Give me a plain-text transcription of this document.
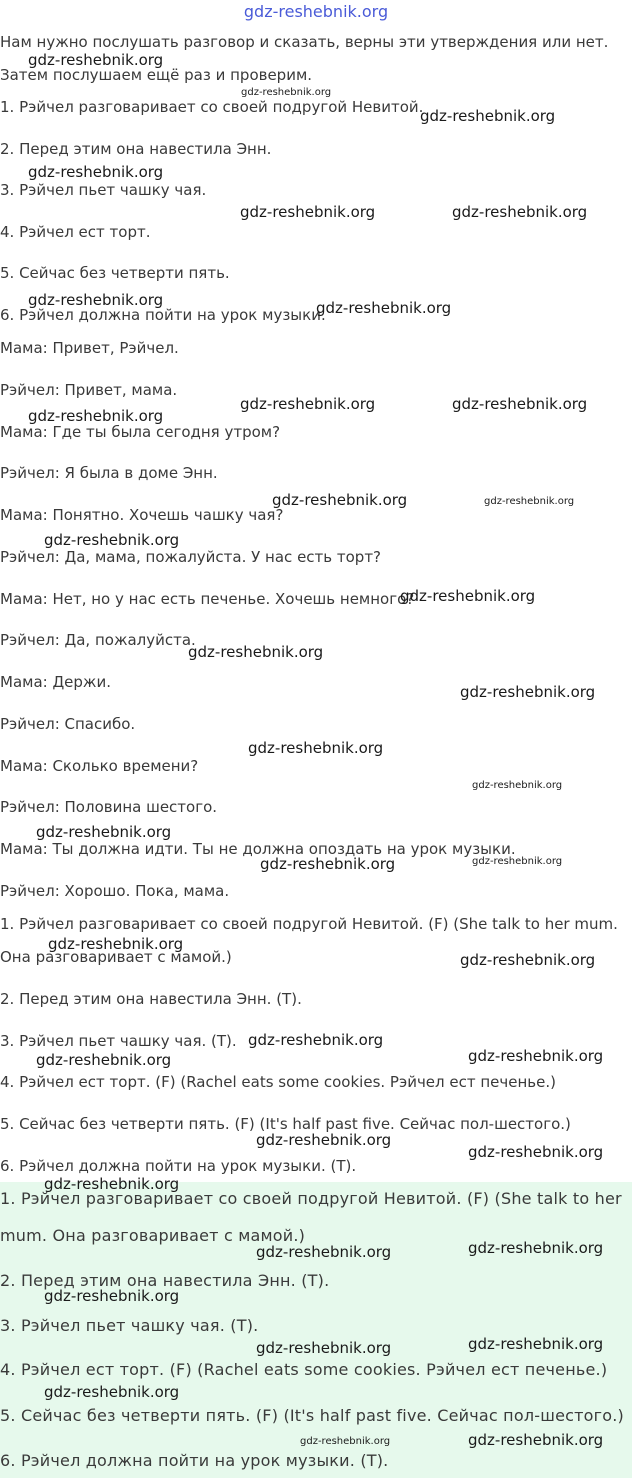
gdz-reshebnik.org
Нам нужно послушать разговор и сказать, верны эти утверждения или нет.
Затем послушаем ещё раз и проверим.
1. Рэйчел разговаривает со своей подругой Невитой.
2. Перед этим она навестила Энн.
3. Рэйчел пьет чашку чая.
4. Рэйчел ест торт.
5. Сейчас без четверти пять.
6. Рэйчел должна пойти на урок музыки.
Мама: Привет, Рэйчел.
Рэйчел: Привет, мама.
Мама: Где ты была сегодня утром?
Рэйчел: Я была в доме Энн.
Мама: Понятно. Хочешь чашку чая?
Рэйчел: Да, мама, пожалуйста. У нас есть торт?
Мама: Нет, но у нас есть печенье. Хочешь немного?
Рэйчел: Да, пожалуйста.
Мама: Держи.
Рэйчел: Спасибо.
Мама: Сколько времени?
Рэйчел: Половина шестого.
Мама: Ты должна идти. Ты не должна опоздать на урок музыки.
Рэйчел: Хорошо. Пока, мама.
1. Рэйчел разговаривает со своей подругой Невитой. (F) (She talk to her mum.
Она разговаривает с мамой.)
2. Перед этим она навестила Энн. (T).
3. Рэйчел пьет чашку чая. (T).
4. Рэйчел ест торт. (F) (Rachel eats some cookies. Рэйчел ест печенье.)
5. Сейчас без четверти пять. (F) (It's half past five. Сейчас пол-шестого.)
6. Рэйчел должна пойти на урок музыки. (T).
1. Рэйчел разговаривает со своей подругой Невитой. (F) (She talk to her
mum. Она разговаривает с мамой.)
2. Перед этим она навестила Энн. (T).
3. Рэйчел пьет чашку чая. (T).
4. Рэйчел ест торт. (F) (Rachel eats some cookies. Рэйчел ест печенье.)
5. Сейчас без четверти пять. (F) (It's half past five. Сейчас пол-шестого.)
6. Рэйчел должна пойти на урок музыки. (T).
gdz-reshebnik.org
gdz-reshebnik.org
gdz-reshebnik.org
gdz-reshebnik.org
gdz-reshebnik.org	gdz-reshebnik.org
gdz-reshebnik.org	gdz-reshebnik.org
gdz-reshebnik.org	gdz-reshebnik.org
gdz-reshebnik.org
gdz-reshebnik.org	gdz-reshebnik.org
gdz-reshebnik.org
gdz-reshebnik.org
gdz-reshebnik.org
gdz-reshebnik.org
gdz-reshebnik.org
gdz-reshebnik.org
gdz-reshebnik.org
gdz-reshebnik.org	gdz-reshebnik.org
gdz-reshebnik.org
gdz-reshebnik.org
gdz-reshebnik.org
gdz-reshebnik.org	gdz-reshebnik.org
gdz-reshebnik.org
gdz-reshebnik.org
gdz-reshebnik.org
gdz-reshebnik.org
gdz-reshebnik.org
gdz-reshebnik.org
gdz-reshebnik.org	gdz-reshebnik.org
gdz-reshebnik.org
gdz-reshebnik.org
gdz-reshebnik.org
